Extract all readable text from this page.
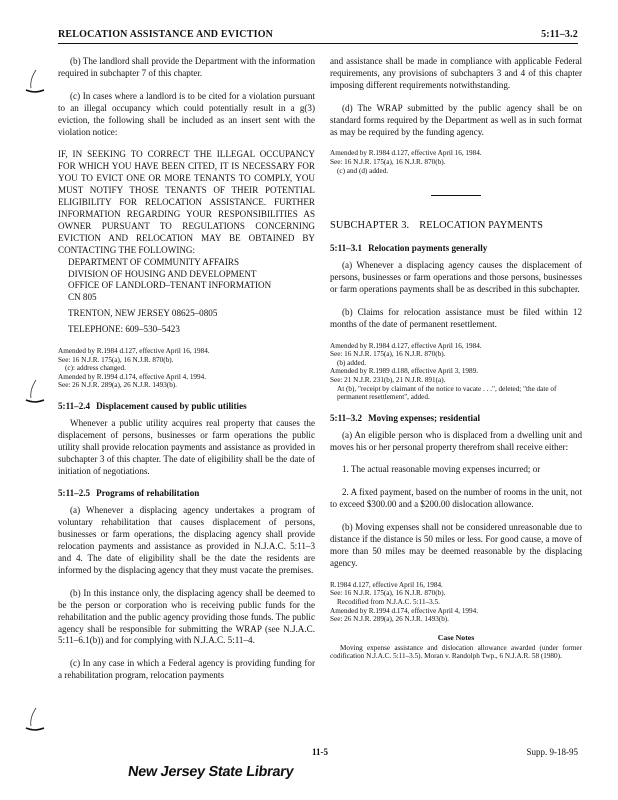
RELOCATION ASSISTANCE AND EVICTION	5:11–3.2

(b) The landlord shall provide the Department with the information required in subchapter 7 of this chapter.

(c) In cases where a landlord is to be cited for a violation pursuant to an illegal occupancy which could potentially result in a g(3) eviction, the following shall be included as an insert sent with the violation notice:

IF, IN SEEKING TO CORRECT THE ILLEGAL OCCUPANCY FOR WHICH YOU HAVE BEEN CITED, IT IS NECESSARY FOR YOU TO EVICT ONE OR MORE TENANTS TO COMPLY, YOU MUST NOTIFY THOSE TENANTS OF THEIR POTENTIAL ELIGIBILITY FOR RELOCATION ASSISTANCE. FURTHER INFORMATION REGARDING YOUR RESPONSIBILITIES AS OWNER PURSUANT TO REGULATIONS CONCERNING EVICTION AND RELOCATION MAY BE OBTAINED BY CONTACTING THE FOLLOWING:

DEPARTMENT OF COMMUNITY AFFAIRS
DIVISION OF HOUSING AND DEVELOPMENT
OFFICE OF LANDLORD–TENANT INFORMATION
CN 805
TRENTON, NEW JERSEY 08625–0805
TELEPHONE: 609–530–5423
Amended by R.1984 d.127, effective April 16, 1984.
See: 16 N.J.R. 175(a), 16 N.J.R. 870(b).
(c): address changed.
Amended by R.1994 d.174, effective April 4, 1994.
See: 26 N.J.R. 289(a), 26 N.J.R. 1493(b).

5:11–2.4 Displacement caused by public utilities

Whenever a public utility acquires real property that causes the displacement of persons, businesses or farm operations the public utility shall provide relocation payments and assistance as provided in subchapter 3 of this chapter. The date of eligibility shall be the date of initiation of negotiations.

5:11–2.5 Programs of rehabilitation

(a) Whenever a displacing agency undertakes a program of voluntary rehabilitation that causes displacement of persons, businesses or farm operations, the displacing agency shall provide relocation payments and assistance as provided in N.J.A.C. 5:11–3 and 4. The date of eligibility shall be the date the residents are informed by the displacing agency that they must vacate the premises.

(b) In this instance only, the displacing agency shall be deemed to be the person or corporation who is receiving public funds for the rehabilitation and the public agency providing those funds. The public agency shall be responsible for submitting the WRAP (see N.J.A.C. 5:11–6.1(b)) and for complying with N.J.A.C. 5:11–4.

(c) In any case in which a Federal agency is providing funding for a rehabilitation program, relocation payments

and assistance shall be made in compliance with applicable Federal requirements, any provisions of subchapters 3 and 4 of this chapter imposing different requirements notwithstanding.

(d) The WRAP submitted by the public agency shall be on standard forms required by the Department as well as in such format as may be required by the funding agency.

Amended by R.1984 d.127, effective April 16, 1984.
See: 16 N.J.R. 175(a), 16 N.J.R. 870(b).
(c) and (d) added.

SUBCHAPTER 3. RELOCATION PAYMENTS

5:11–3.1 Relocation payments generally

(a) Whenever a displacing agency causes the displacement of persons, businesses or farm operations and those persons, businesses or farm operations payments shall be as described in this subchapter.

(b) Claims for relocation assistance must be filed within 12 months of the date of permanent resettlement.

Amended by R.1984 d.127, effective April 16, 1984.
See: 16 N.J.R. 175(a), 16 N.J.R. 870(b).
(b) added.
Amended by R.1989 d.188, effective April 3, 1989.
See: 21 N.J.R. 231(b), 21 N.J.R. 891(a).
At (b), "receipt by claimant of the notice to vacate . . .", deleted; "the date of permanent resettlement", added.

5:11–3.2 Moving expenses; residential

(a) An eligible person who is displaced from a dwelling unit and moves his or her personal property therefrom shall receive either:

1. The actual reasonable moving expenses incurred; or

2. A fixed payment, based on the number of rooms in the unit, not to exceed $300.00 and a $200.00 dislocation allowance.

(b) Moving expenses shall not be considered unreasonable due to distance if the distance is 50 miles or less. For good cause, a move of more than 50 miles may be deemed reasonable by the displacing agency.

R.1984 d.127, effective April 16, 1984.
See: 16 N.J.R. 175(a), 16 N.J.R. 870(b).
Recodified from N.J.A.C. 5:11–3.5.
Amended by R.1994 d.174, effective April 4, 1994.
See: 26 N.J.R. 289(a), 26 N.J.R. 1493(b).

Case Notes

Moving expense assistance and dislocation allowance awarded (under former codification N.J.A.C. 5:11–3.5). Moran v. Randolph Twp., 6 N.J.A.R. 58 (1980).

11-5	Supp. 9-18-95
New Jersey State Library
